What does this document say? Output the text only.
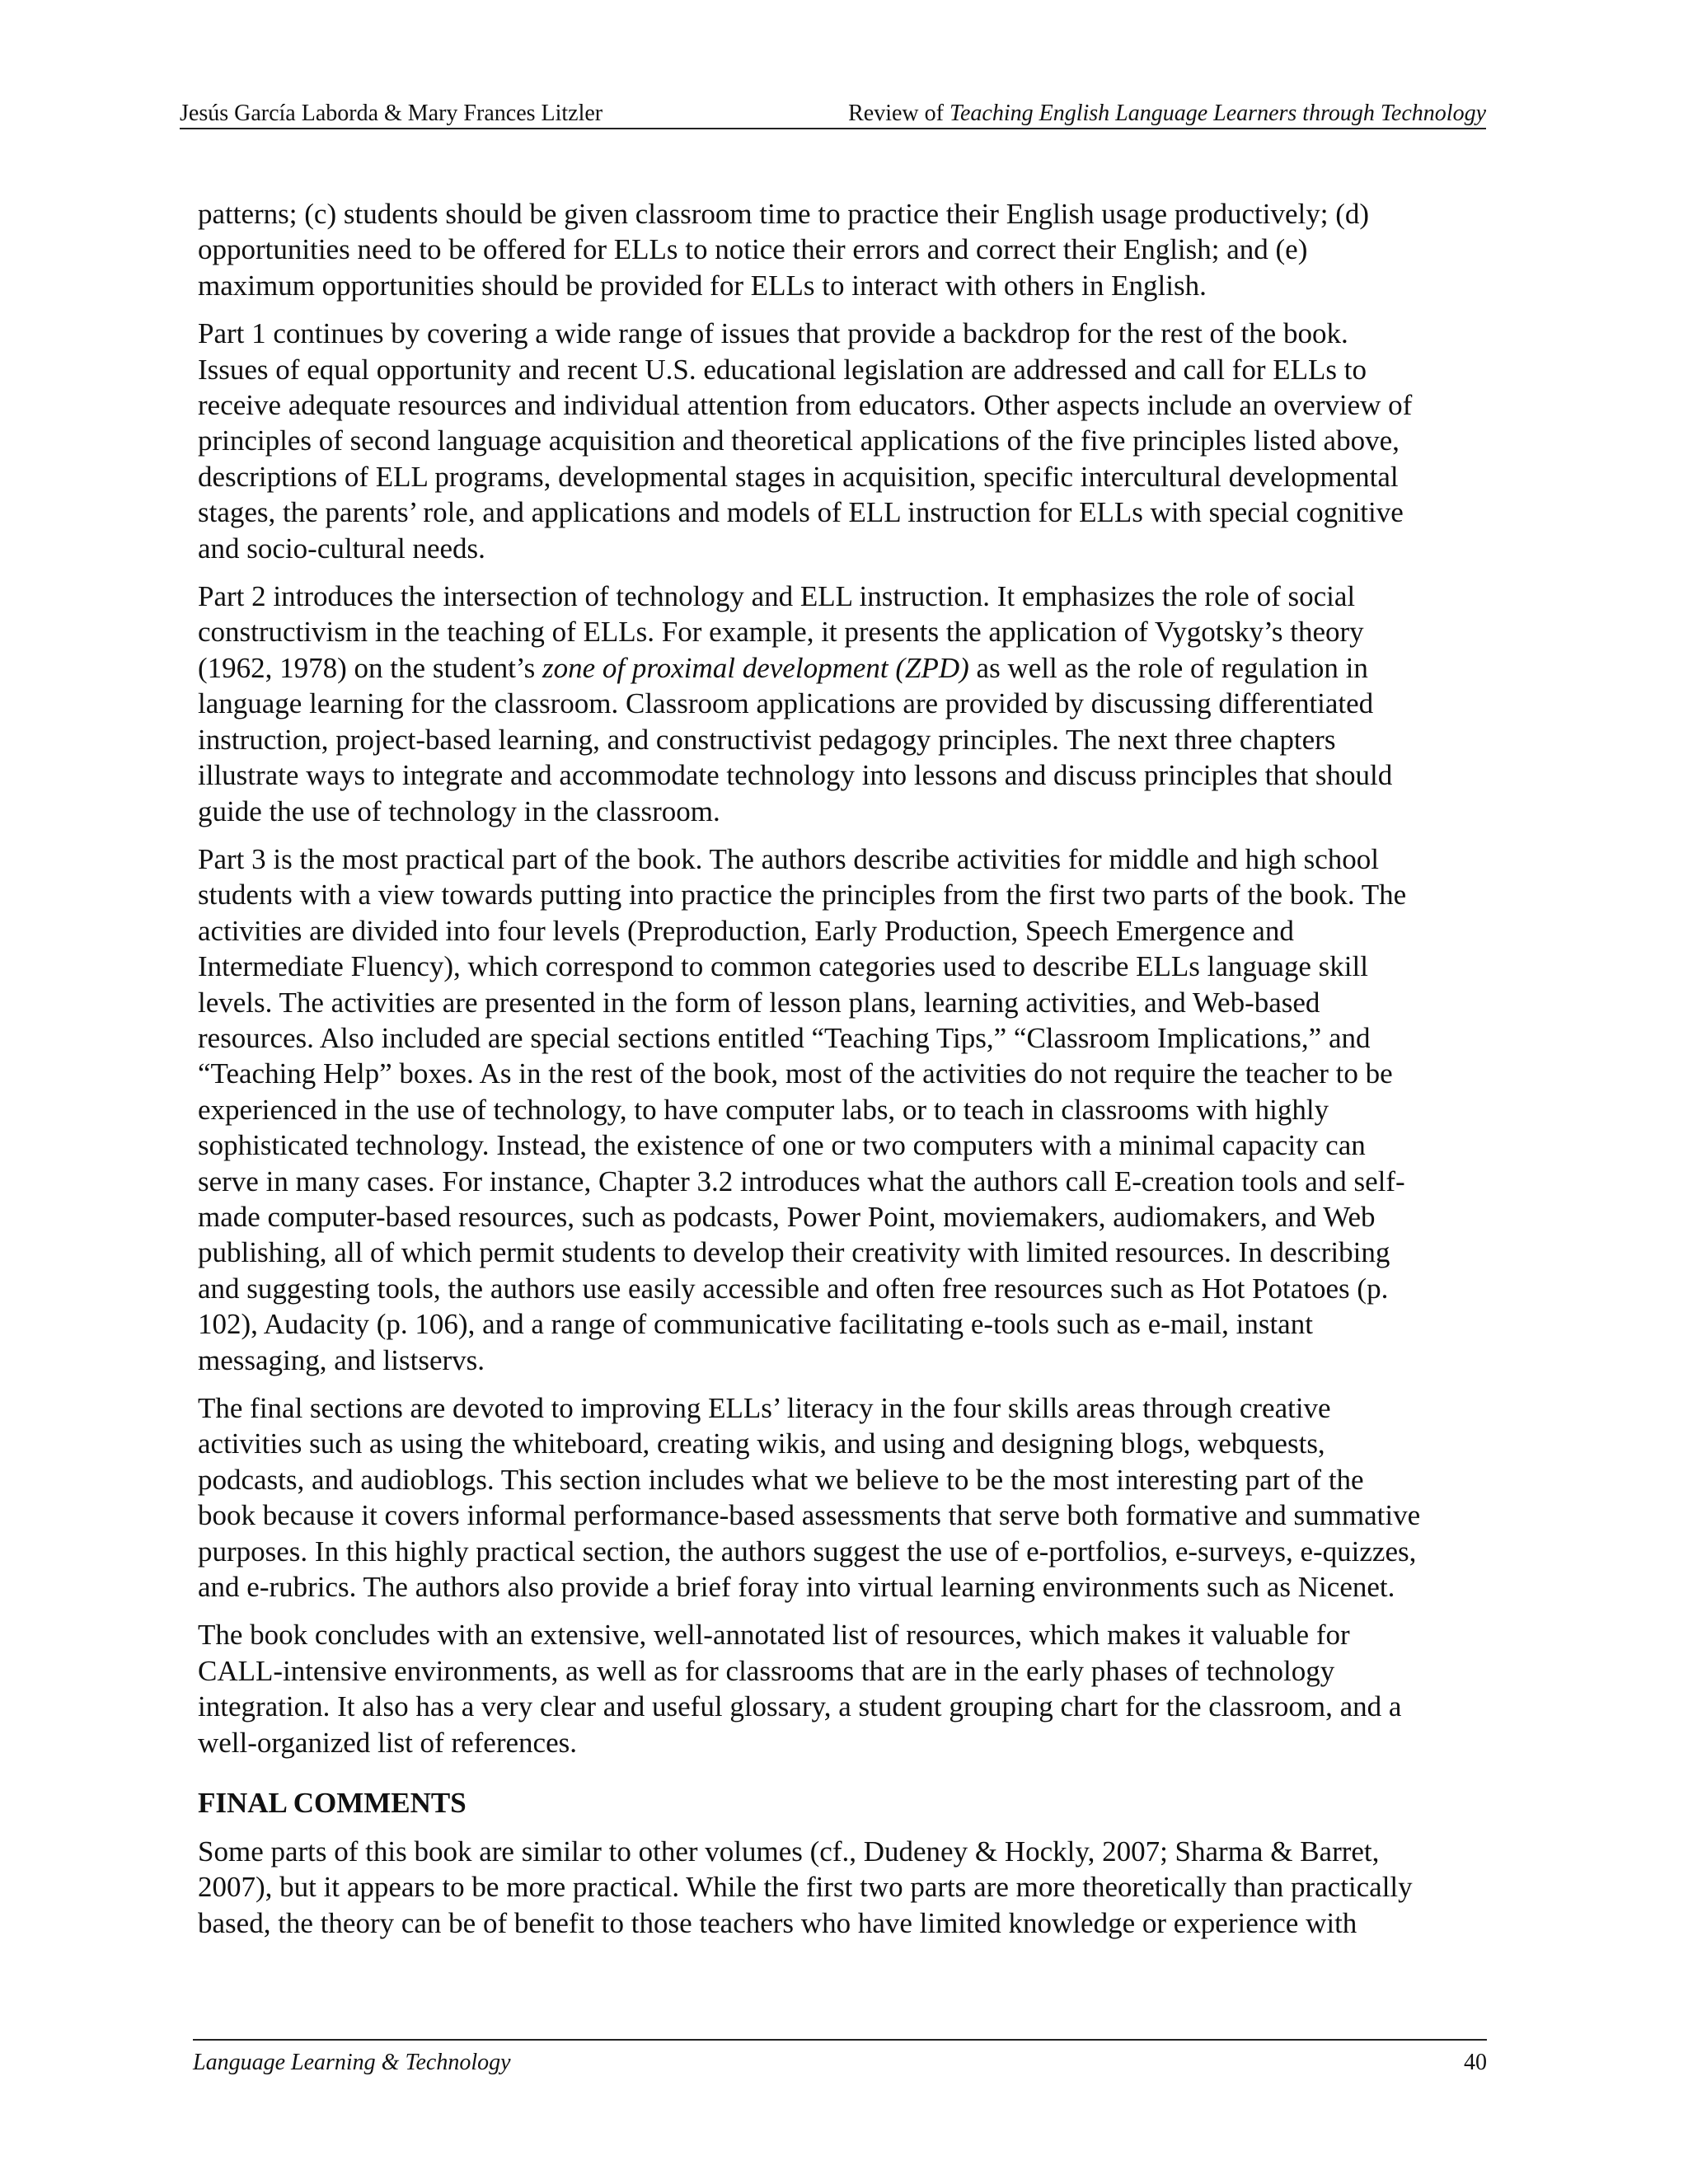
Jesús García Laborda & Mary Frances Litzler	Review of Teaching English Language Learners through Technology

patterns; (c) students should be given classroom time to practice their English usage productively; (d)
opportunities need to be offered for ELLs to notice their errors and correct their English; and (e)
maximum opportunities should be provided for ELLs to interact with others in English.

Part 1 continues by covering a wide range of issues that provide a backdrop for the rest of the book.
Issues of equal opportunity and recent U.S. educational legislation are addressed and call for ELLs to
receive adequate resources and individual attention from educators. Other aspects include an overview of
principles of second language acquisition and theoretical applications of the five principles listed above,
descriptions of ELL programs, developmental stages in acquisition, specific intercultural developmental
stages, the parents’ role, and applications and models of ELL instruction for ELLs with special cognitive
and socio-cultural needs.

Part 2 introduces the intersection of technology and ELL instruction. It emphasizes the role of social
constructivism in the teaching of ELLs. For example, it presents the application of Vygotsky’s theory
(1962, 1978) on the student’s zone of proximal development (ZPD) as well as the role of regulation in
language learning for the classroom. Classroom applications are provided by discussing differentiated
instruction, project-based learning, and constructivist pedagogy principles. The next three chapters
illustrate ways to integrate and accommodate technology into lessons and discuss principles that should
guide the use of technology in the classroom.

Part 3 is the most practical part of the book. The authors describe activities for middle and high school
students with a view towards putting into practice the principles from the first two parts of the book. The
activities are divided into four levels (Preproduction, Early Production, Speech Emergence and
Intermediate Fluency), which correspond to common categories used to describe ELLs language skill
levels. The activities are presented in the form of lesson plans, learning activities, and Web-based
resources. Also included are special sections entitled “Teaching Tips,” “Classroom Implications,” and
“Teaching Help” boxes. As in the rest of the book, most of the activities do not require the teacher to be
experienced in the use of technology, to have computer labs, or to teach in classrooms with highly
sophisticated technology. Instead, the existence of one or two computers with a minimal capacity can
serve in many cases. For instance, Chapter 3.2 introduces what the authors call E-creation tools and self-
made computer-based resources, such as podcasts, Power Point, moviemakers, audiomakers, and Web
publishing, all of which permit students to develop their creativity with limited resources. In describing
and suggesting tools, the authors use easily accessible and often free resources such as Hot Potatoes (p.
102), Audacity (p. 106), and a range of communicative facilitating e-tools such as e-mail, instant
messaging, and listservs.

The final sections are devoted to improving ELLs’ literacy in the four skills areas through creative
activities such as using the whiteboard, creating wikis, and using and designing blogs, webquests,
podcasts, and audioblogs. This section includes what we believe to be the most interesting part of the
book because it covers informal performance-based assessments that serve both formative and summative
purposes. In this highly practical section, the authors suggest the use of e-portfolios, e-surveys, e-quizzes,
and e-rubrics. The authors also provide a brief foray into virtual learning environments such as Nicenet.

The book concludes with an extensive, well-annotated list of resources, which makes it valuable for
CALL-intensive environments, as well as for classrooms that are in the early phases of technology
integration. It also has a very clear and useful glossary, a student grouping chart for the classroom, and a
well-organized list of references.

FINAL COMMENTS

Some parts of this book are similar to other volumes (cf., Dudeney & Hockly, 2007; Sharma & Barret,
2007), but it appears to be more practical. While the first two parts are more theoretically than practically
based, the theory can be of benefit to those teachers who have limited knowledge or experience with

Language Learning & Technology	40
